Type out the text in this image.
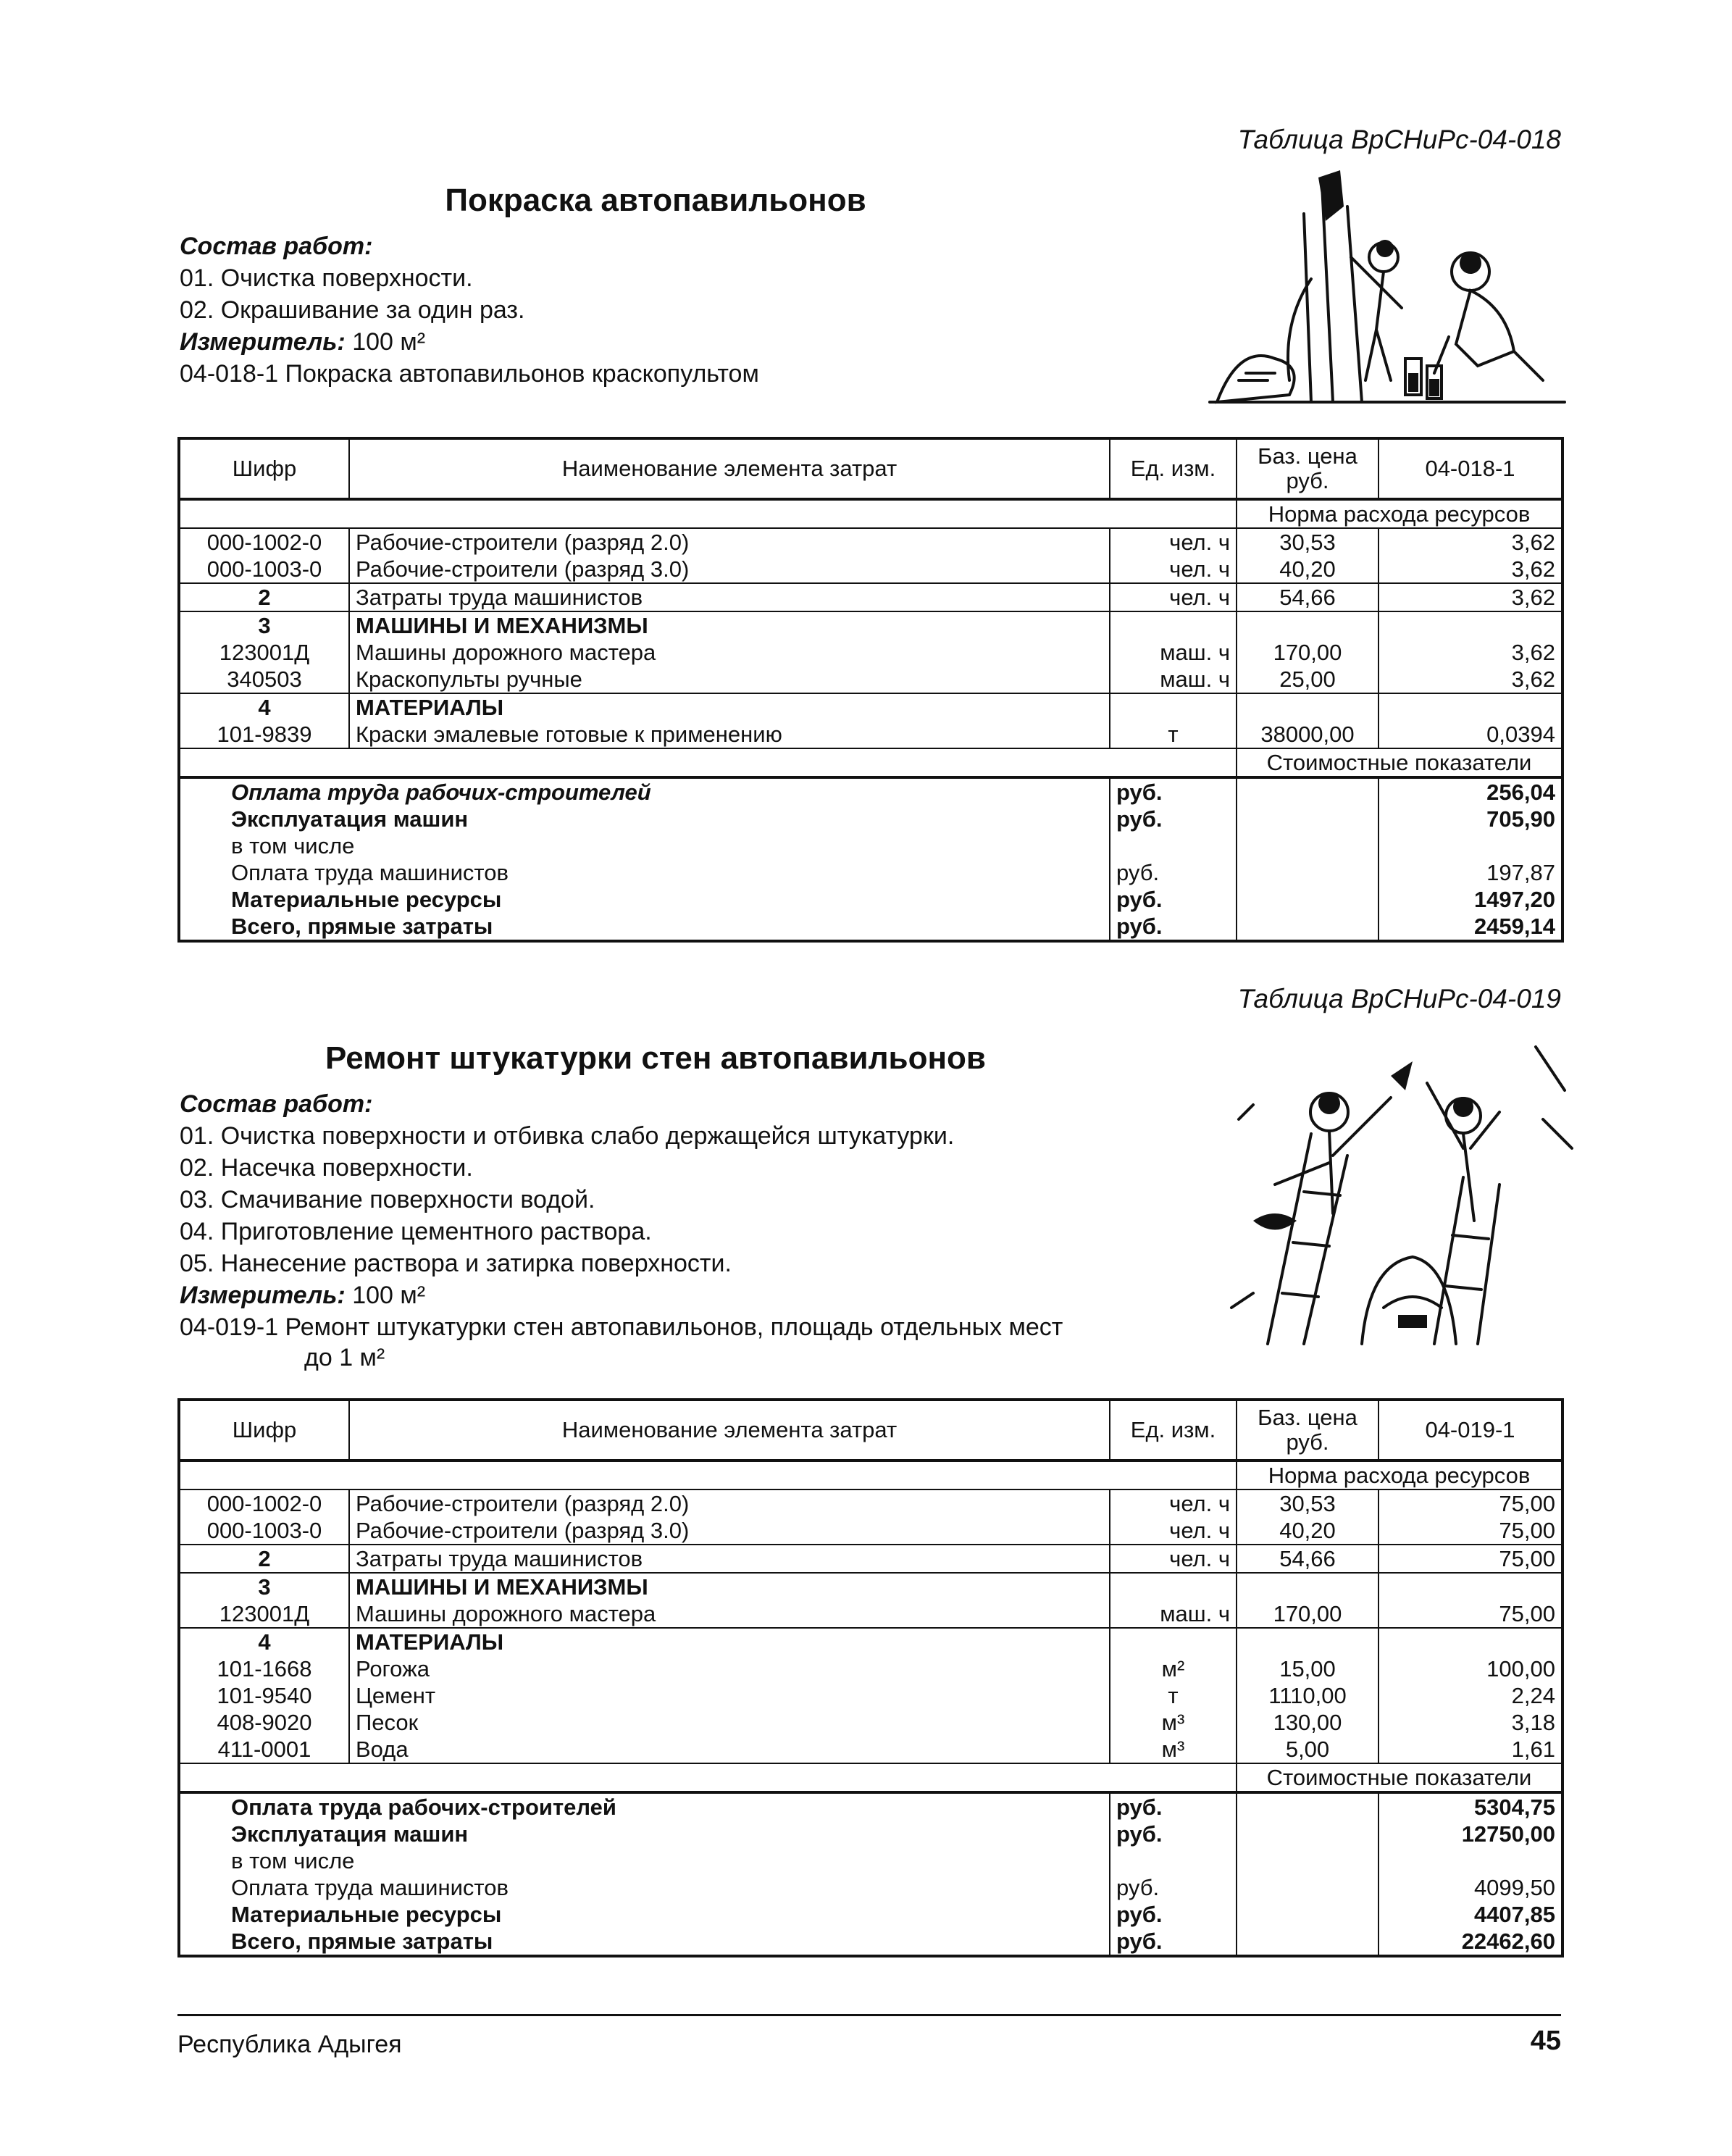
Таблица ВрСНиРс-04-018
Покраска автопавильонов
Состав работ:
01. Очистка поверхности.
02. Окрашивание за один раз.
Измеритель: 100 м²
04-018-1 Покраска автопавильонов краскопультом
Шифр	Наименование элемента затрат	Ед. изм.	Баз. цена руб.	04-018-1
			Норма расхода ресурсов	
000-1002-0	Рабочие-строители (разряд 2.0)	чел. ч	30,53	3,62
000-1003-0	Рабочие-строители (разряд 3.0)	чел. ч	40,20	3,62
2	Затраты труда машинистов	чел. ч	54,66	3,62
3	МАШИНЫ И МЕХАНИЗМЫ			
123001Д	Машины дорожного мастера	маш. ч	170,00	3,62
340503	Краскопульты ручные	маш. ч	25,00	3,62
4	МАТЕРИАЛЫ			
101-9839	Краски эмалевые готовые к применению	т	38000,00	0,0394
			Стоимостные показатели	
Оплата труда рабочих-строителей		руб.		256,04
Эксплуатация машин		руб.		705,90
в том числе				
Оплата труда машинистов		руб.		197,87
Материальные ресурсы		руб.		1497,20
Всего, прямые затраты		руб.		2459,14
Таблица ВрСНиРс-04-019
Ремонт штукатурки стен автопавильонов
Состав работ:
01. Очистка поверхности и отбивка слабо держащейся штукатурки.
02. Насечка поверхности.
03. Смачивание поверхности водой.
04. Приготовление цементного раствора.
05. Нанесение раствора и затирка поверхности.
Измеритель: 100 м²
04-019-1 Ремонт штукатурки стен автопавильонов, площадь отдельных мест
до 1 м²
Шифр	Наименование элемента затрат	Ед. изм.	Баз. цена руб.	04-019-1
			Норма расхода ресурсов	
000-1002-0	Рабочие-строители (разряд 2.0)	чел. ч	30,53	75,00
000-1003-0	Рабочие-строители (разряд 3.0)	чел. ч	40,20	75,00
2	Затраты труда машинистов	чел. ч	54,66	75,00
3	МАШИНЫ И МЕХАНИЗМЫ			
123001Д	Машины дорожного мастера	маш. ч	170,00	75,00
4	МАТЕРИАЛЫ			
101-1668	Рогожа	м²	15,00	100,00
101-9540	Цемент	т	1110,00	2,24
408-9020	Песок	м³	130,00	3,18
411-0001	Вода	м³	5,00	1,61
			Стоимостные показатели	
Оплата труда рабочих-строителей		руб.		5304,75
Эксплуатация машин		руб.		12750,00
в том числе				
Оплата труда машинистов		руб.		4099,50
Материальные ресурсы		руб.		4407,85
Всего, прямые затраты		руб.		22462,60
Республика Адыгея	45
